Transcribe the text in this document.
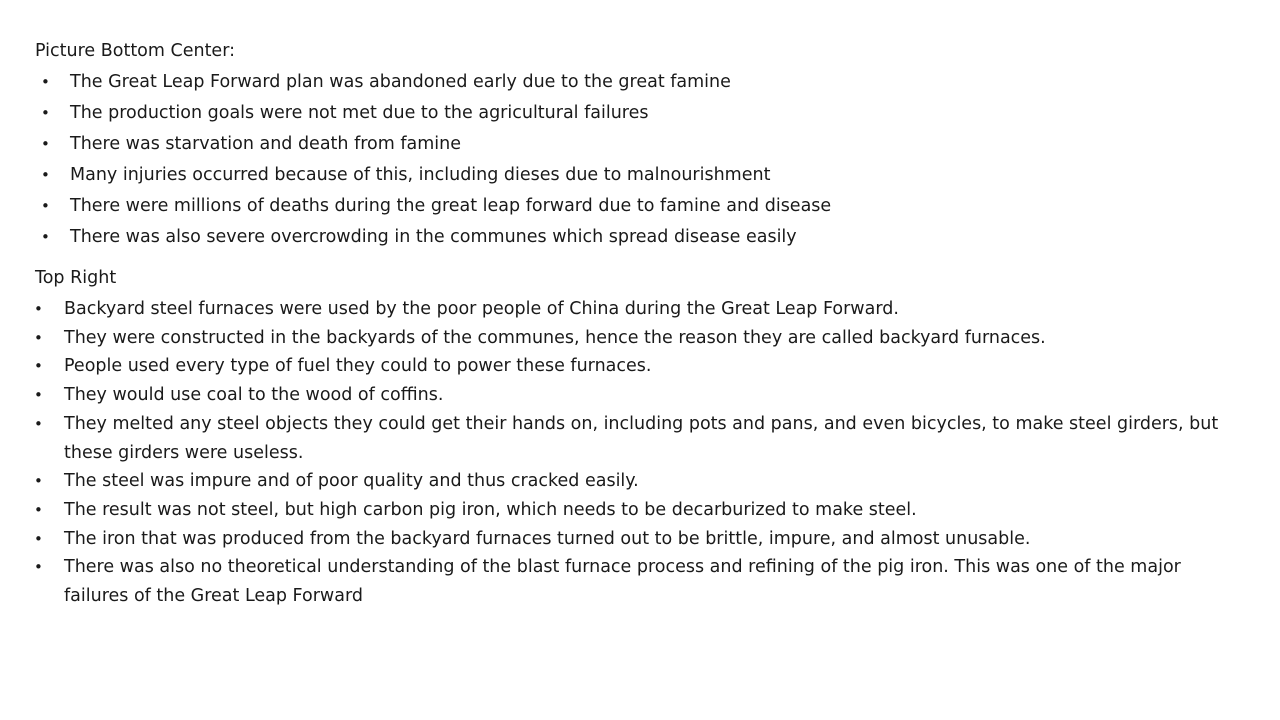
Picture Bottom Center:
• The Great Leap Forward plan was abandoned early due to the great famine
• The production goals were not met due to the agricultural failures
• There was starvation and death from famine
• Many injuries occurred because of this, including dieses due to malnourishment
• There were millions of deaths during the great leap forward due to famine and disease
• There was also severe overcrowding in the communes which spread disease easily
Top Right
• Backyard steel furnaces were used by the poor people of China during the Great Leap Forward.
• They were constructed in the backyards of the communes, hence the reason they are called backyard furnaces.
• People used every type of fuel they could to power these furnaces.
• They would use coal to the wood of coffins.
• They melted any steel objects they could get their hands on, including pots and pans, and even bicycles, to make steel girders, but these girders were useless.
• The steel was impure and of poor quality and thus cracked easily.
• The result was not steel, but high carbon pig iron, which needs to be decarburized to make steel.
• The iron that was produced from the backyard furnaces turned out to be brittle, impure, and almost unusable.
• There was also no theoretical understanding of the blast furnace process and refining of the pig iron. This was one of the major failures of the Great Leap Forward
